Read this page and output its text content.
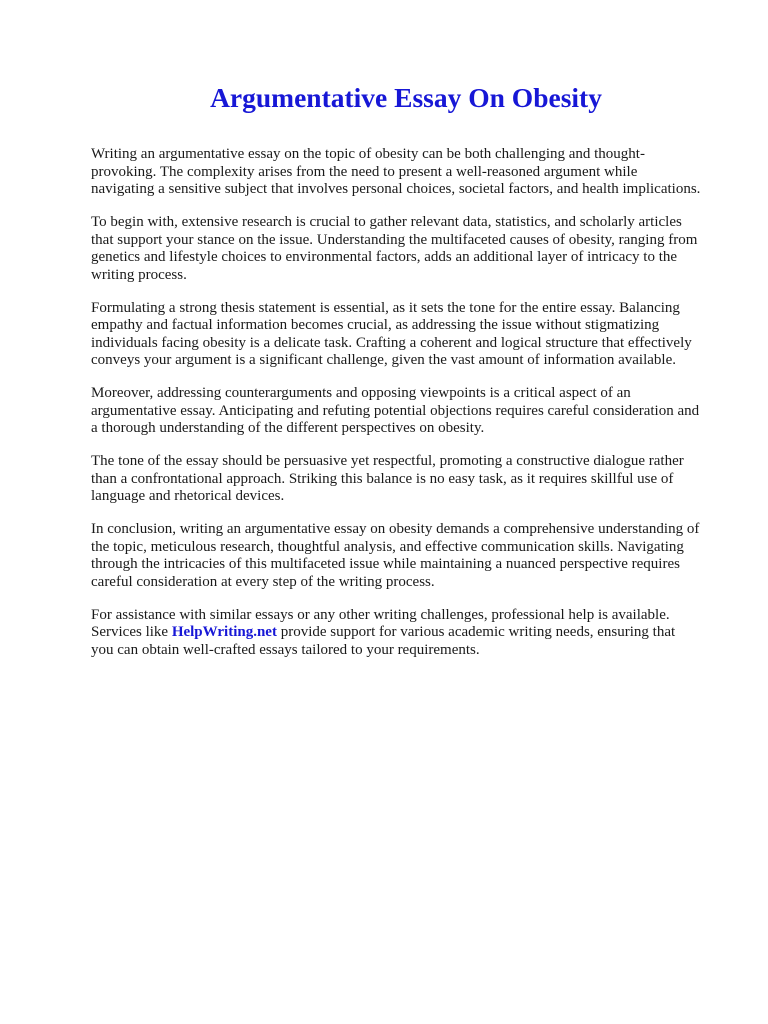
Argumentative Essay On Obesity

Writing an argumentative essay on the topic of obesity can be both challenging and thought-
provoking. The complexity arises from the need to present a well-reasoned argument while
navigating a sensitive subject that involves personal choices, societal factors, and health implications.

To begin with, extensive research is crucial to gather relevant data, statistics, and scholarly articles
that support your stance on the issue. Understanding the multifaceted causes of obesity, ranging from
genetics and lifestyle choices to environmental factors, adds an additional layer of intricacy to the
writing process.

Formulating a strong thesis statement is essential, as it sets the tone for the entire essay. Balancing
empathy and factual information becomes crucial, as addressing the issue without stigmatizing
individuals facing obesity is a delicate task. Crafting a coherent and logical structure that effectively
conveys your argument is a significant challenge, given the vast amount of information available.

Moreover, addressing counterarguments and opposing viewpoints is a critical aspect of an
argumentative essay. Anticipating and refuting potential objections requires careful consideration and
a thorough understanding of the different perspectives on obesity.

The tone of the essay should be persuasive yet respectful, promoting a constructive dialogue rather
than a confrontational approach. Striking this balance is no easy task, as it requires skillful use of
language and rhetorical devices.

In conclusion, writing an argumentative essay on obesity demands a comprehensive understanding of
the topic, meticulous research, thoughtful analysis, and effective communication skills. Navigating
through the intricacies of this multifaceted issue while maintaining a nuanced perspective requires
careful consideration at every step of the writing process.

For assistance with similar essays or any other writing challenges, professional help is available.
Services like HelpWriting.net provide support for various academic writing needs, ensuring that
you can obtain well-crafted essays tailored to your requirements.
